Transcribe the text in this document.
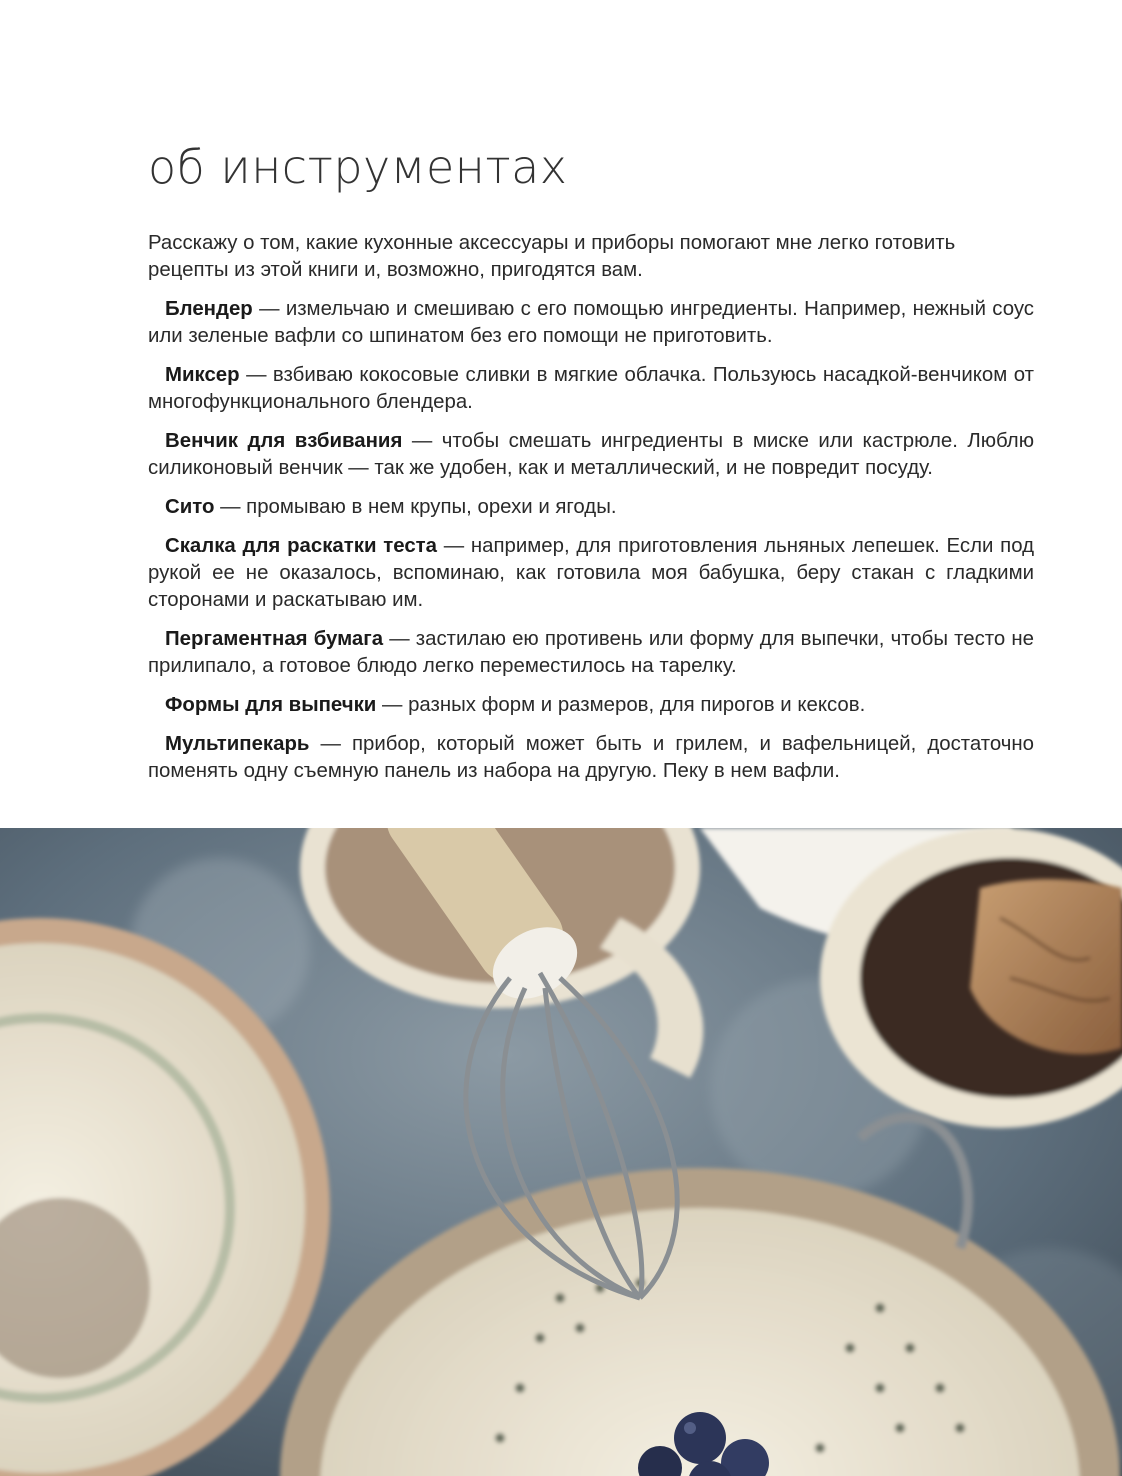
об инструментах

Расскажу о том, какие кухонные аксессуары и приборы помогают мне легко готовить рецепты из этой книги и, возможно, пригодятся вам.

Блендер — измельчаю и смешиваю с его помощью ингредиенты. Например, нежный соус или зеленые вафли со шпинатом без его помощи не приготовить.

Миксер — взбиваю кокосовые сливки в мягкие облачка. Пользуюсь насадкой-венчиком от многофункционального блендера.

Венчик для взбивания — чтобы смешать ингредиенты в миске или кастрюле. Люблю силиконовый венчик — так же удобен, как и металлический, и не повредит посуду.

Сито — промываю в нем крупы, орехи и ягоды.

Скалка для раскатки теста — например, для приготовления льняных лепешек. Если под рукой ее не оказалось, вспоминаю, как готовила моя бабушка, беру стакан с гладкими сторонами и раскатываю им.

Пергаментная бумага — застилаю ею противень или форму для выпечки, чтобы тесто не прилипало, а готовое блюдо легко переместилось на тарелку.

Формы для выпечки — разных форм и размеров, для пирогов и кексов.

Мультипекарь — прибор, который может быть и грилем, и вафельницей, достаточно поменять одну съемную панель из набора на другую. Пеку в нем вафли.
